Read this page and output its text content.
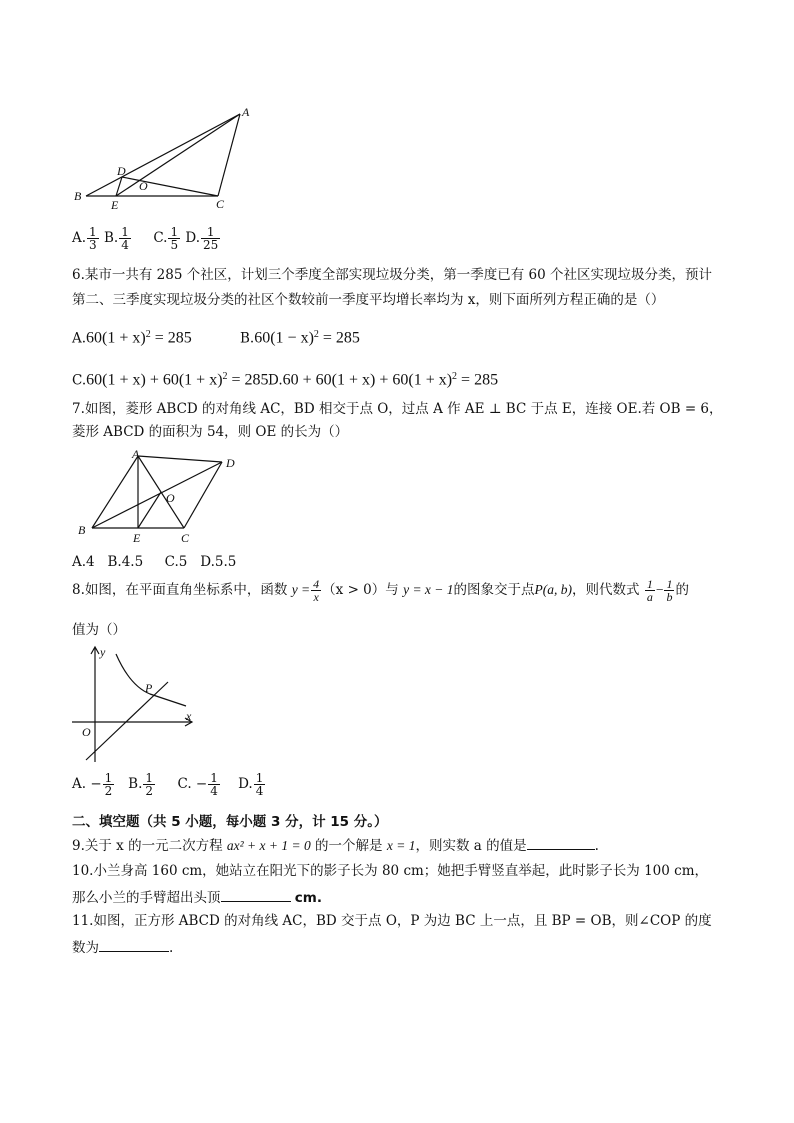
A
B
C
D
E
O
A. $\frac{1}{3} B$. $\frac{1}{4} C$. $\frac{1}{5} D$. $\frac{1}{25}$
6.某市一共有 285 个社区，计划三个季度全部实现垃圾分类，第一季度已有 60 个社区实现垃圾分类，预计
第二、三季度实现垃圾分类的社区个数较前一季度平均增长率均为 x，则下面所列方程正确的是（）
$A.60(1 + x)^2 = 285$	$B.60(1 - x)^2 = 285$
$C.60(1 + x) + 60(1 + x)^2 = 285$ $D.60 + 60(1 + x) + 60(1 + x)^2 = 285$
7.如图，菱形 ABCD 的对角线 AC，BD 相交于点 O，过点 A 作 AE ⊥ BC 于点 E，连接 OE.若 OB = 6，
菱形 ABCD 的面积为 54，则 OE 的长为（）
A
B
C
D
E
O
A.4   B.4.5     C.5   D.5.5
8.如图，在平面直角坐标系中，函数 $y = \frac{4}{x} (x > 0)$与 y = x − 1的图象交于点P(a, b)，则代数式 $\frac{1}{a} - \frac{1}{b}$ 的
值为（）
y
x
O
P
A. − $\frac{1}{2} B$. $\frac{1}{2} C$. − $\frac{1}{4} D$. $\frac{1}{4}$
二、填空题（共 5 小题，每小题 3 分，计 15 分。）
9.关于 x 的一元二次方程 ax² + x + 1 = 0 的一个解是 x = 1，则实数 a 的值是	.
10.小兰身高 160 cm，她站立在阳光下的影子长为 80 cm；她把手臂竖直举起，此时影子长为 100 cm，
那么小兰的手臂超出头顶	cm.
11.如图，正方形 ABCD 的对角线 AC，BD 交于点 O，P 为边 BC 上一点，且 BP = OB，则∠COP 的度
数为	.
